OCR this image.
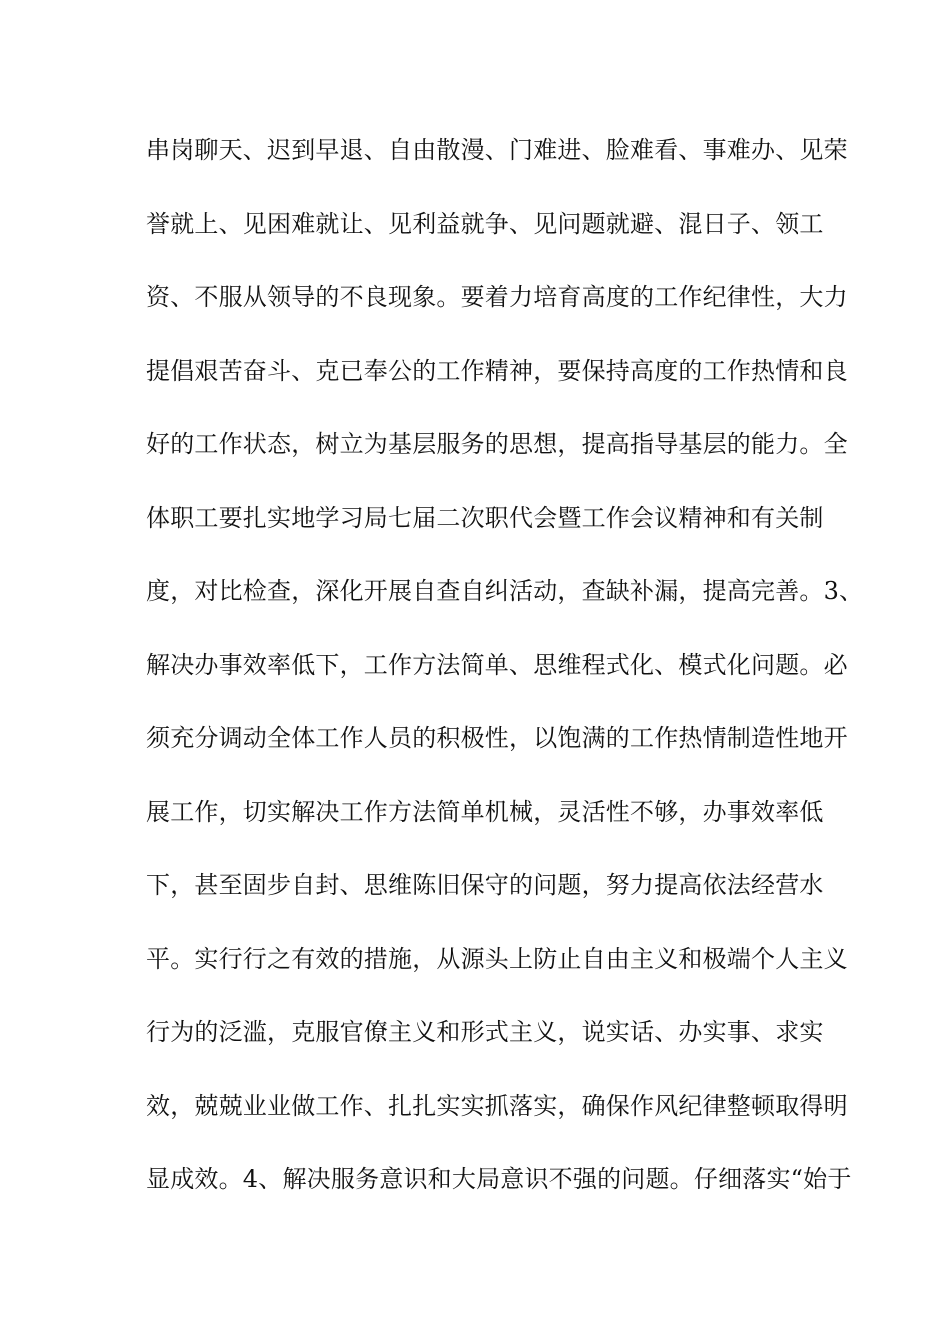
串岗聊天、迟到早退、自由散漫、门难进、脸难看、事难办、见荣
誉就上、见困难就让、见利益就争、见问题就避、混日子、领工
资、不服从领导的不良现象。要着力培育高度的工作纪律性，大力
提倡艰苦奋斗、克已奉公的工作精神，要保持高度的工作热情和良
好的工作状态，树立为基层服务的思想，提高指导基层的能力。全
体职工要扎实地学习局七届二次职代会暨工作会议精神和有关制
度，对比检查，深化开展自查自纠活动，查缺补漏，提高完善。3、
解决办事效率低下，工作方法简单、思维程式化、模式化问题。必
须充分调动全体工作人员的积极性，以饱满的工作热情制造性地开
展工作，切实解决工作方法简单机械，灵活性不够，办事效率低
下，甚至固步自封、思维陈旧保守的问题，努力提高依法经营水
平。实行行之有效的措施，从源头上防止自由主义和极端个人主义
行为的泛滥，克服官僚主义和形式主义，说实话、办实事、求实
效，兢兢业业做工作、扎扎实实抓落实，确保作风纪律整顿取得明
显成效。4、解决服务意识和大局意识不强的问题。仔细落实“始于
